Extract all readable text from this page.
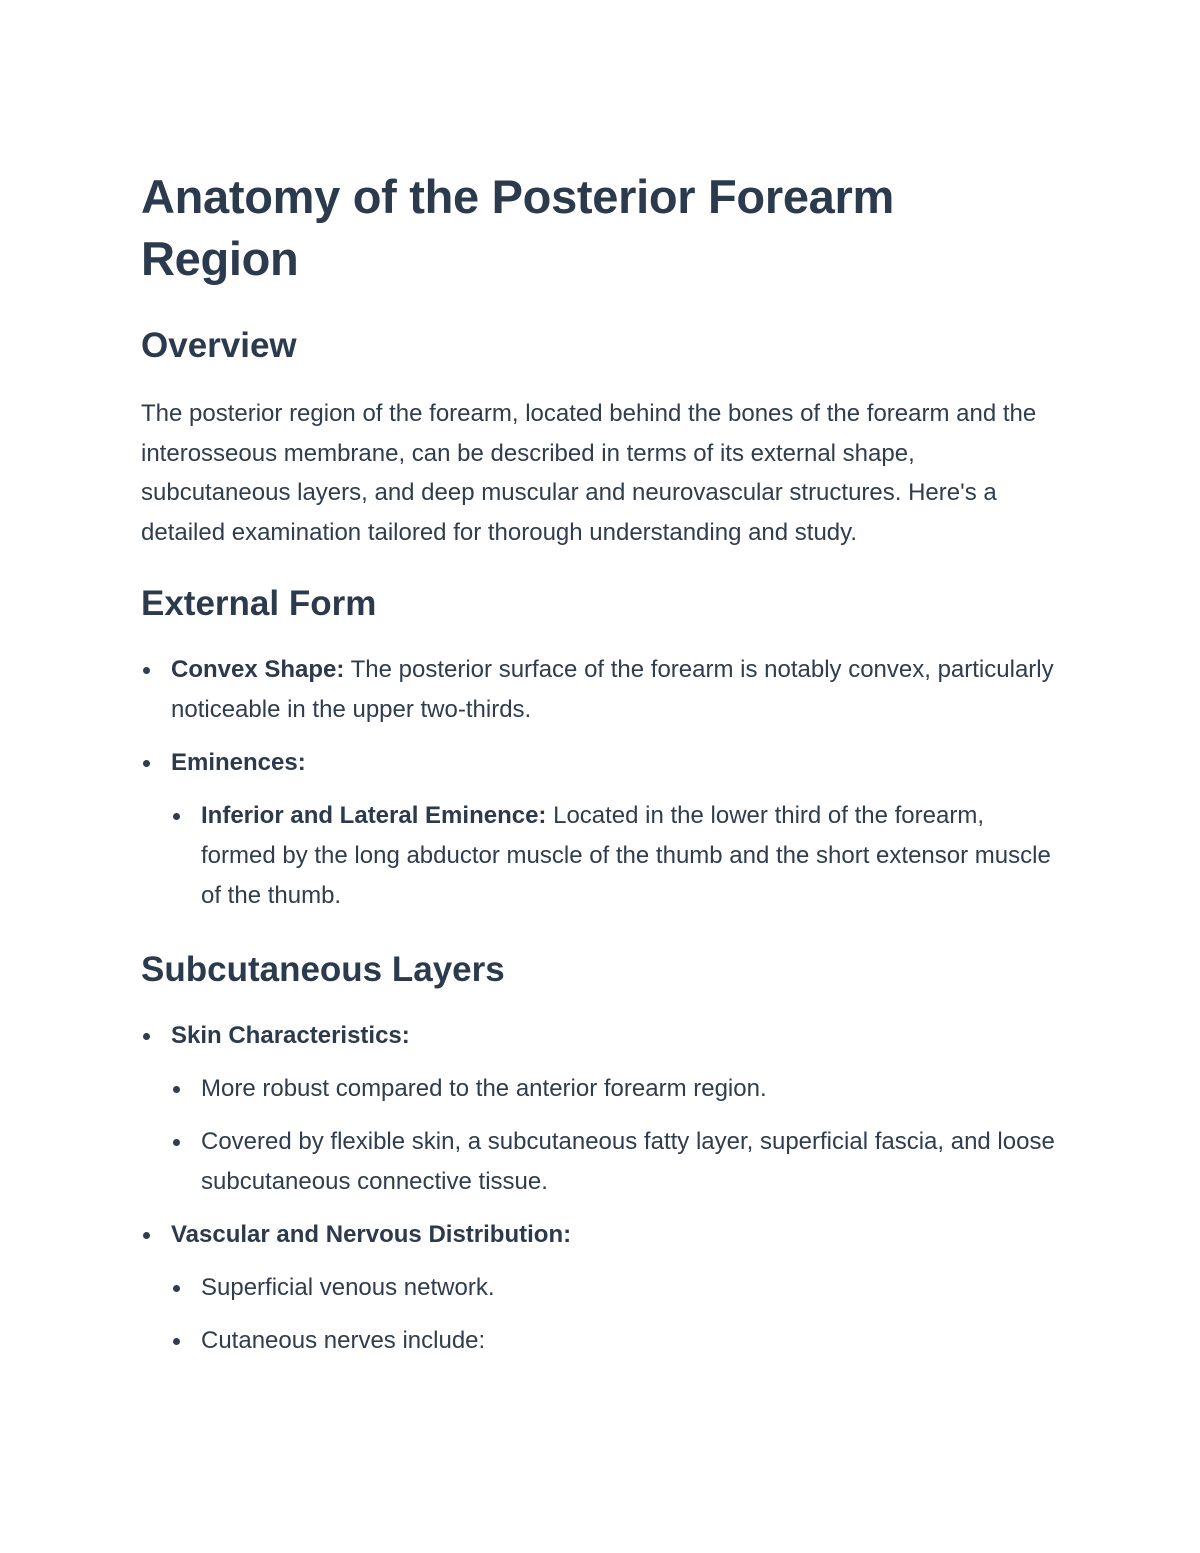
Anatomy of the Posterior Forearm Region
Overview

The posterior region of the forearm, located behind the bones of the forearm and the interosseous membrane, can be described in terms of its external shape, subcutaneous layers, and deep muscular and neurovascular structures. Here's a detailed examination tailored for thorough understanding and study.

External Form
Convex Shape: The posterior surface of the forearm is notably convex, particularly noticeable in the upper two-thirds.
Eminences:
Inferior and Lateral Eminence: Located in the lower third of the forearm, formed by the long abductor muscle of the thumb and the short extensor muscle of the thumb.
Subcutaneous Layers
Skin Characteristics:
More robust compared to the anterior forearm region.
Covered by flexible skin, a subcutaneous fatty layer, superficial fascia, and loose subcutaneous connective tissue.
Vascular and Nervous Distribution:
Superficial venous network.
Cutaneous nerves include:
